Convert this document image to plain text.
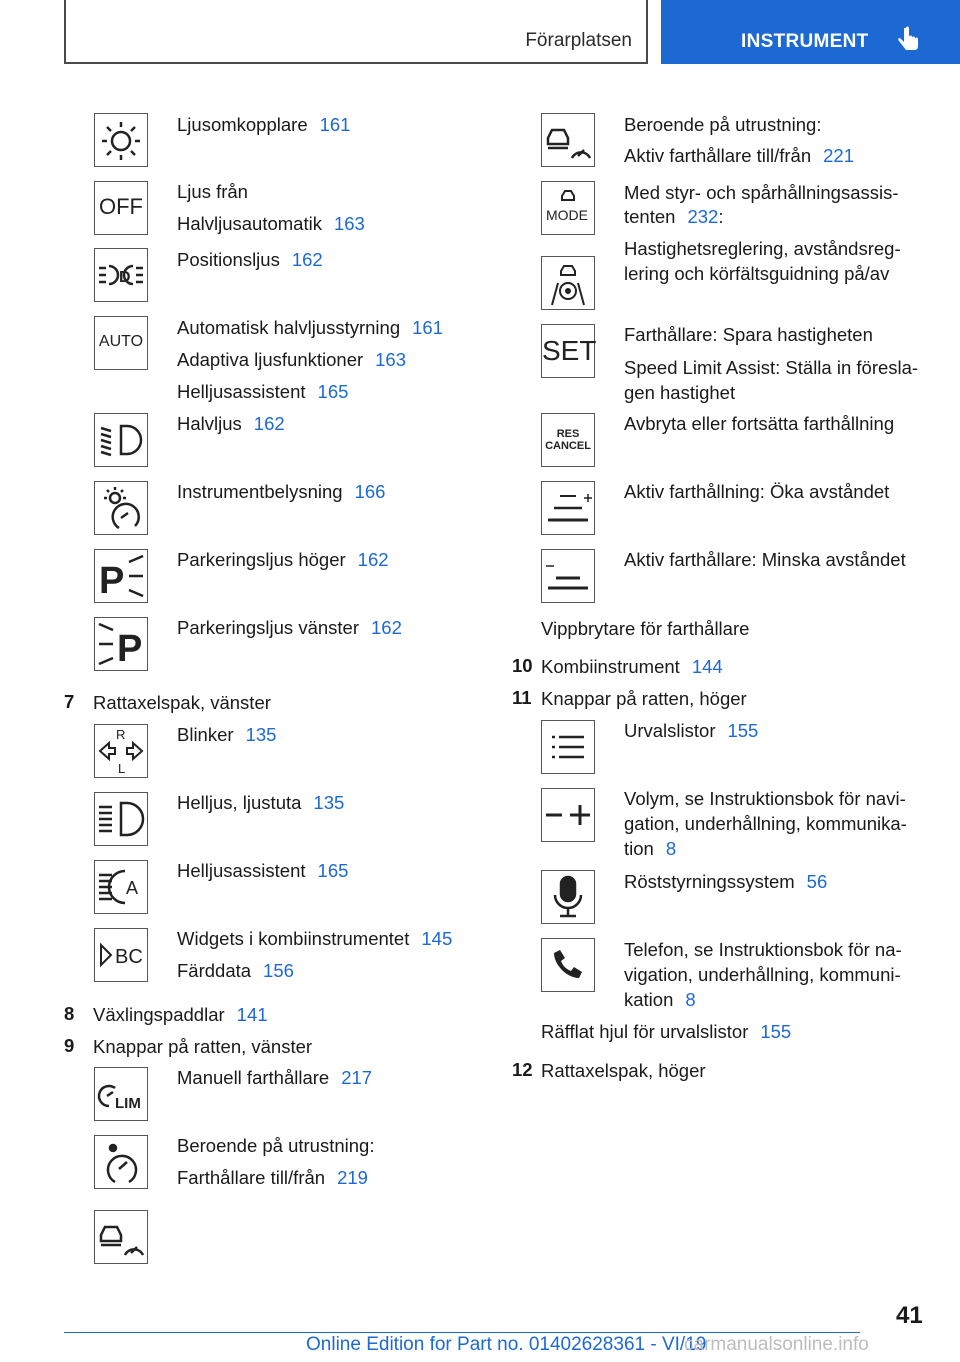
Förarplatsen	INSTRUMENT
Ljusomkopplare 161
OFF
Ljus från
Halvljusautomatik 163
D
Positionsljus 162
AUTO
Automatisk halvljusstyrning 161
Adaptiva ljusfunktioner 163
Helljusassistent 165
Halvljus 162
Instrumentbelysning 166
P
Parkeringsljus höger 162
P
Parkeringsljus vänster 162
7 Rattaxelspak, vänster
R
L
Blinker 135
Helljus, ljustuta 135
A
Helljusassistent 165
BC
Widgets i kombiinstrumentet 145
Färddata 156
8 Växlingspaddlar 141
9 Knappar på ratten, vänster
LIM
Manuell farthållare 217
Beroende på utrustning:
Farthållare till/från 219
Beroende på utrustning:
Aktiv farthållare till/från 221
MODE
Med styr- och spårhållningsassis-
tenten 232:
Hastighetsreglering, avståndsreg-
lering och körfältsguidning på/av
SET
Farthållare: Spara hastigheten
Speed Limit Assist: Ställa in föresla-
gen hastighet
RES
CANCEL
Avbryta eller fortsätta farthållning
Aktiv farthållning: Öka avståndet
Aktiv farthållare: Minska avståndet
Vippbrytare för farthållare
10 Kombiinstrument 144
11 Knappar på ratten, höger
Urvalslistor 155
Volym, se Instruktionsbok för navi-
gation, underhållning, kommunika-
tion 8
Röststyrningssystem 56
Telefon, se Instruktionsbok för na-
vigation, underhållning, kommuni-
kation 8
Räfflat hjul för urvalslistor 155
12 Rattaxelspak, höger
41
Online Edition for Part no. 01402628361 - VI/19
carmanualsonline.info
